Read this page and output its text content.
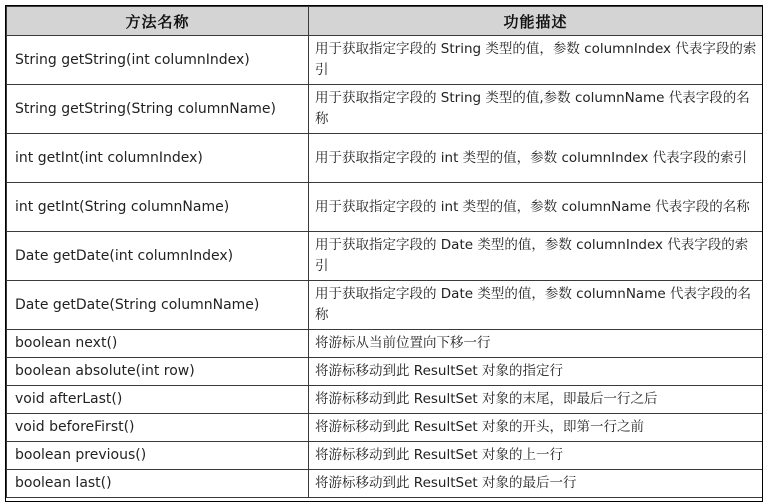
方法名称	功能描述
String getString(int columnIndex)	用于获取指定字段的 String 类型的值，参数 columnIndex 代表字段的索引
String getString(String columnName)	用于获取指定字段的 String 类型的值,参数 columnName 代表字段的名称
int getInt(int columnIndex)	用于获取指定字段的 int 类型的值，参数 columnIndex 代表字段的索引
int getInt(String columnName)	用于获取指定字段的 int 类型的值，参数 columnName 代表字段的名称
Date getDate(int columnIndex)	用于获取指定字段的 Date 类型的值，参数 columnIndex 代表字段的索引
Date getDate(String columnName)	用于获取指定字段的 Date 类型的值，参数 columnName 代表字段的名称
boolean next()	将游标从当前位置向下移一行
boolean absolute(int row)	将游标移动到此 ResultSet 对象的指定行
void afterLast()	将游标移动到此 ResultSet 对象的末尾，即最后一行之后
void beforeFirst()	将游标移动到此 ResultSet 对象的开头，即第一行之前
boolean previous()	将游标移动到此 ResultSet 对象的上一行
boolean last()	将游标移动到此 ResultSet 对象的最后一行
